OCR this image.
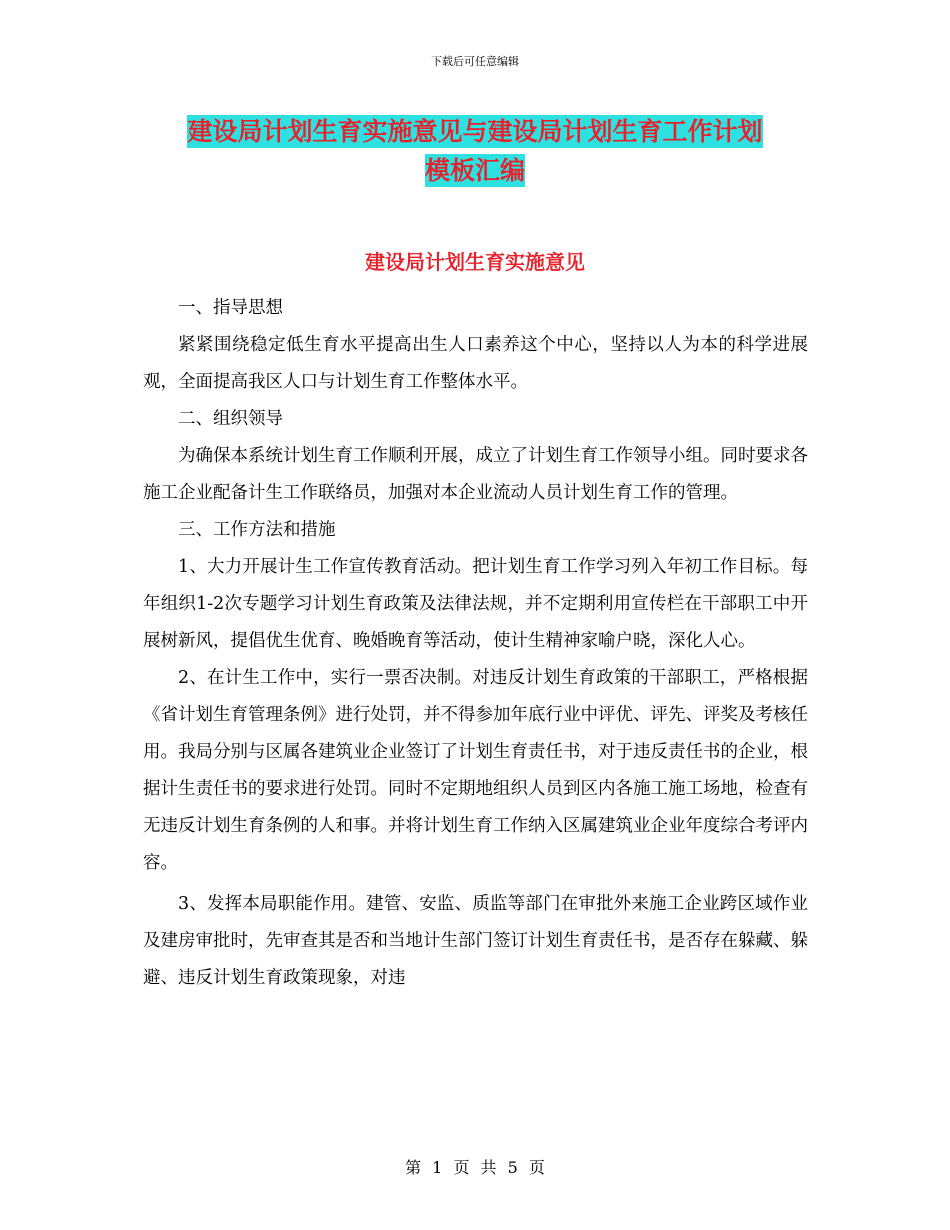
下载后可任意编辑
建设局计划生育实施意见与建设局计划生育工作计划
模板汇编
建设局计划生育实施意见

一、指导思想

紧紧围绕稳定低生育水平提高出生人口素养这个中心，坚持以人为本的科学进展观，全面提高我区人口与计划生育工作整体水平。

二、组织领导

为确保本系统计划生育工作顺利开展，成立了计划生育工作领导小组。同时要求各施工企业配备计生工作联络员，加强对本企业流动人员计划生育工作的管理。

三、工作方法和措施

1、大力开展计生工作宣传教育活动。把计划生育工作学习列入年初工作目标。每年组织1-2次专题学习计划生育政策及法律法规，并不定期利用宣传栏在干部职工中开展树新风，提倡优生优育、晚婚晚育等活动，使计生精神家喻户晓，深化人心。

2、在计生工作中，实行一票否决制。对违反计划生育政策的干部职工，严格根据《省计划生育管理条例》进行处罚，并不得参加年底行业中评优、评先、评奖及考核任用。我局分别与区属各建筑业企业签订了计划生育责任书，对于违反责任书的企业，根据计生责任书的要求进行处罚。同时不定期地组织人员到区内各施工施工场地，检查有无违反计划生育条例的人和事。并将计划生育工作纳入区属建筑业企业年度综合考评内容。

3、发挥本局职能作用。建管、安监、质监等部门在审批外来施工企业跨区域作业及建房审批时，先审查其是否和当地计生部门签订计划生育责任书，是否存在躲藏、躲避、违反计划生育政策现象，对违

第 1 页 共 5 页
